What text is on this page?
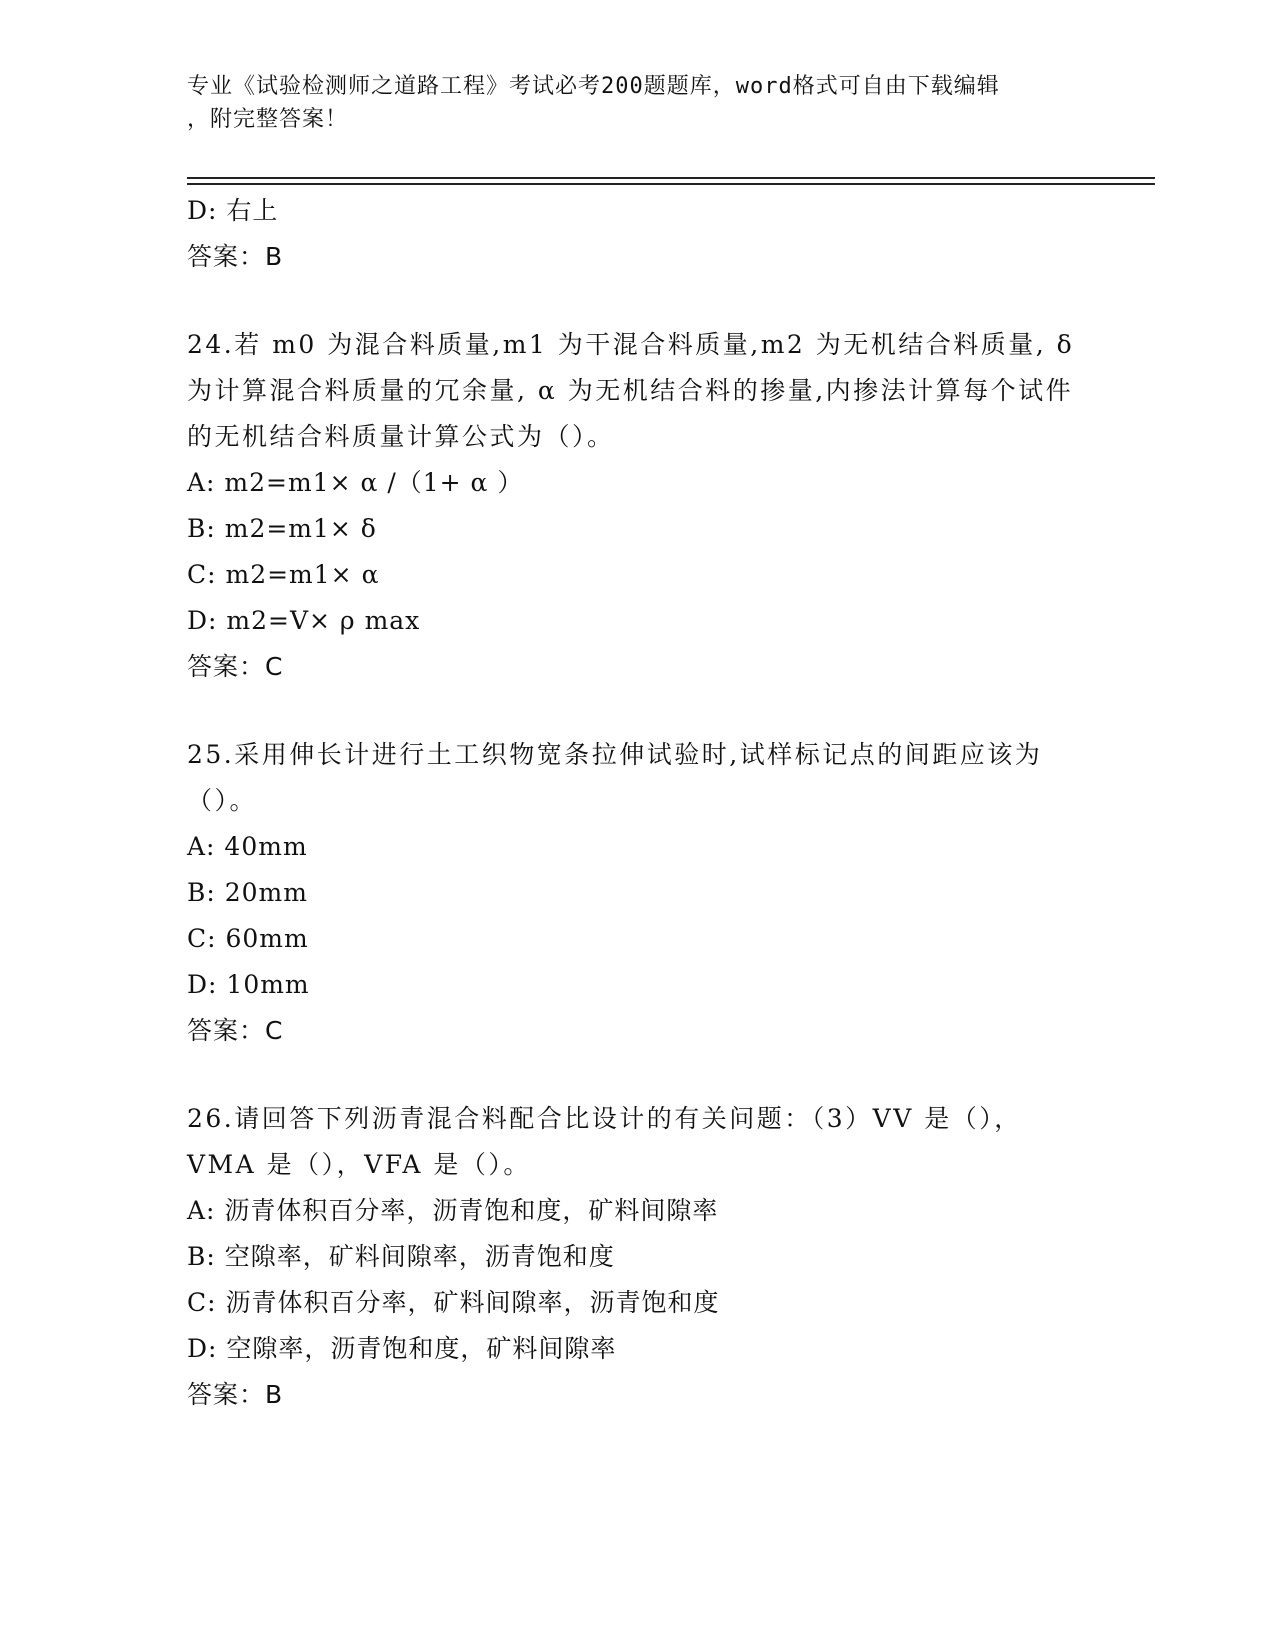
专业《试验检测师之道路工程》考试必考200题题库，word格式可自由下载编辑
，附完整答案！
D: 右上
答案：B
24.若 m0 为混合料质量,m1 为干混合料质量,m2 为无机结合料质量, δ 为计算混合料质量的冗余量, α 为无机结合料的掺量,内掺法计算每个试件的无机结合料质量计算公式为（）。
A: m2=m1× α /（1+ α ）
B: m2=m1× δ
C: m2=m1× α
D: m2=V× ρ max
答案：C
25.采用伸长计进行土工织物宽条拉伸试验时,试样标记点的间距应该为（）。
A: 40mm
B: 20mm
C: 60mm
D: 10mm
答案：C
26.请回答下列沥青混合料配合比设计的有关问题：（3）VV 是（），VMA 是（），VFA 是（）。
A: 沥青体积百分率，沥青饱和度，矿料间隙率
B: 空隙率，矿料间隙率，沥青饱和度
C: 沥青体积百分率，矿料间隙率，沥青饱和度
D: 空隙率，沥青饱和度，矿料间隙率
答案：B
